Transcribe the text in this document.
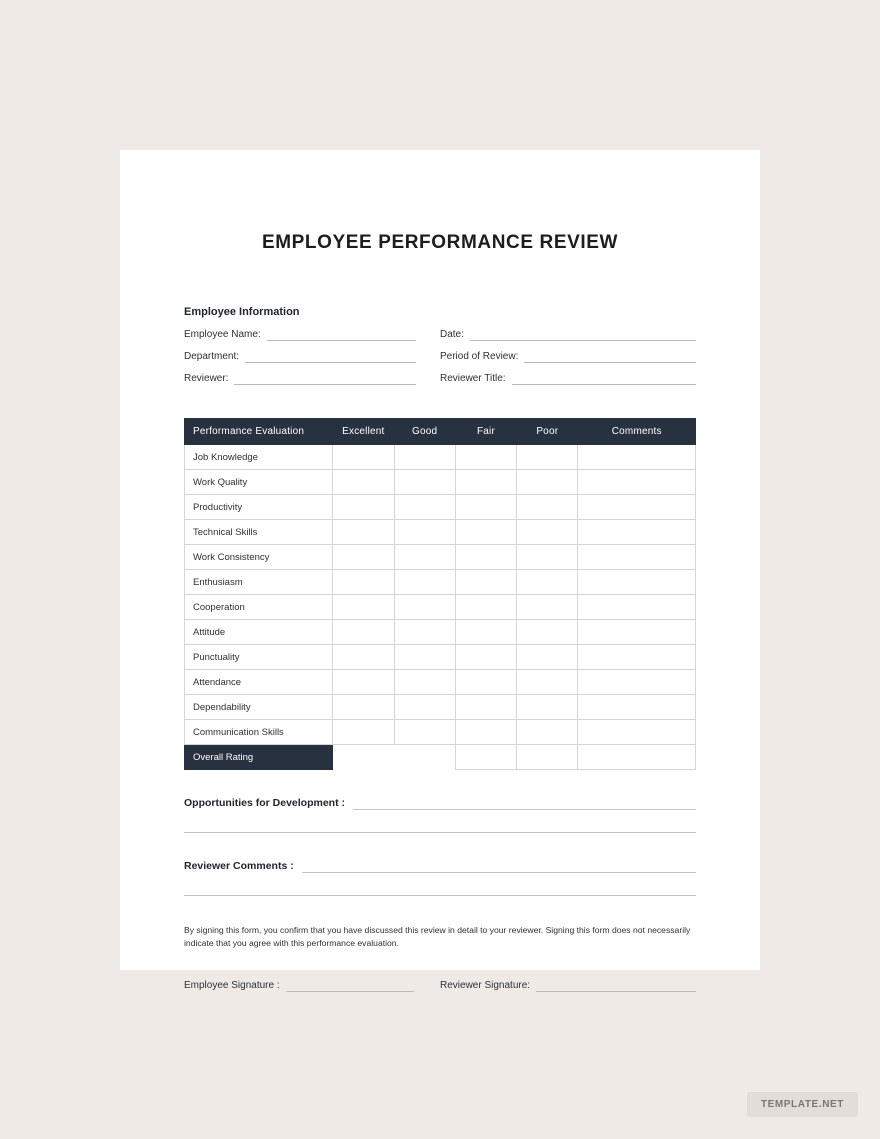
EMPLOYEE PERFORMANCE REVIEW
Employee Information
Employee Name:	Date:
Department:	Period of Review:
Reviewer:	Reviewer Title:
Performance Evaluation	Excellent	Good	Fair	Poor	Comments
Job Knowledge					
Work Quality					
Productivity					
Technical Skills					
Work Consistency					
Enthusiasm					
Cooperation					
Attitude					
Punctuality					
Attendance					
Dependability					
Communication Skills					
Overall Rating					
Opportunities for Development :
Reviewer Comments :

By signing this form, you confirm that you have discussed this review in detail to your reviewer. Signing this form does not necessarily indicate that you agree with this performance evaluation.

Employee Signature :	Reviewer Signature:
TEMPLATE.NET
